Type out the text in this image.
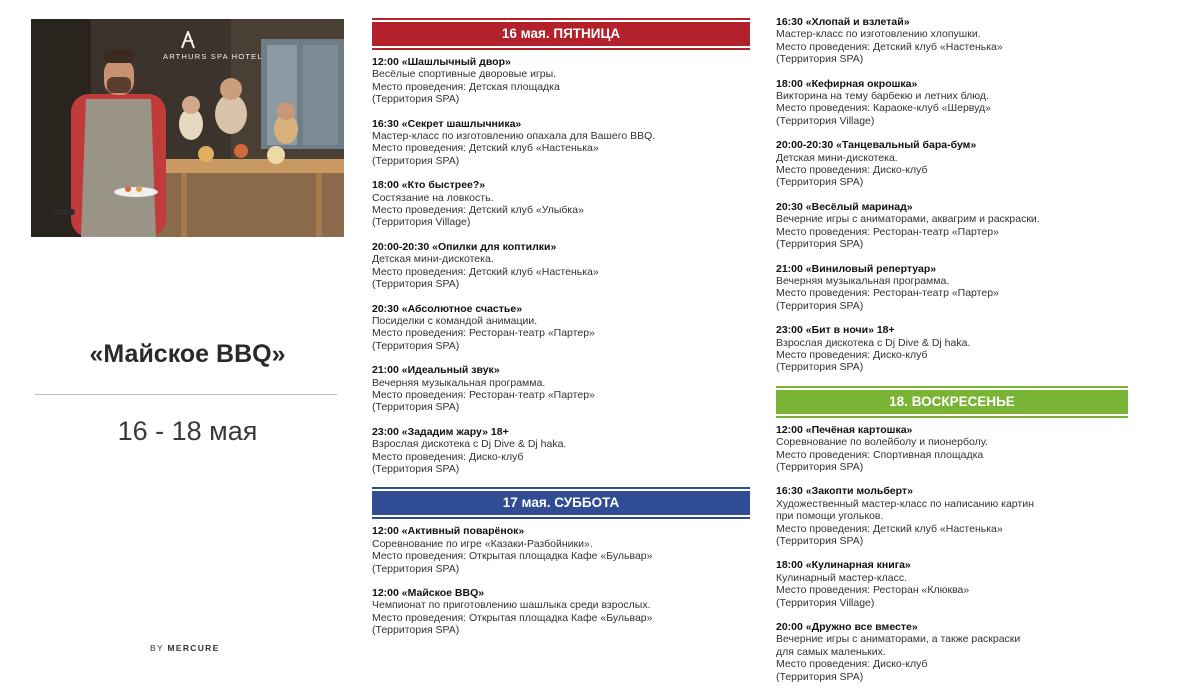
ARTHURS SPA HOTEL
«Майское BBQ»
16 - 18 мая
BY MERCURE
16 мая. ПЯТНИЦА
12:00 «Шашлычный двор»
Весёлые спортивные дворовые игры.
Место проведения: Детская площадка
(Территория SPA)
16:30 «Секрет шашлычника»
Мастер-класс по изготовлению опахала для Вашего BBQ.
Место проведения: Детский клуб «Настенька»
(Территория SPA)
18:00 «Кто быстрее?»
Состязание на ловкость.
Место проведения: Детский клуб «Улыбка»
(Территория Village)
20:00-20:30 «Опилки для коптилки»
Детская мини-дискотека.
Место проведения: Детский клуб «Настенька»
(Территория SPA)
20:30 «Абсолютное счастье»
Посиделки с командой анимации.
Место проведения: Ресторан-театр «Партер»
(Территория SPA)
21:00 «Идеальный звук»
Вечерняя музыкальная программа.
Место проведения: Ресторан-театр «Партер»
(Территория SPA)
23:00 «Зададим жару» 18+
Взрослая дискотека с Dj Dive & Dj haka.
Место проведения: Диско-клуб
(Территория SPA)
17 мая. СУББОТА
12:00 «Активный поварёнок»
Соревнование по игре «Казаки-Разбойники».
Место проведения: Открытая площадка Кафе «Бульвар»
(Территория SPA)
12:00 «Майское BBQ»
Чемпионат по приготовлению шашлыка среди взрослых.
Место проведения: Открытая площадка Кафе «Бульвар»
(Территория SPA)
16:30 «Хлопай и взлетай»
Мастер-класс по изготовлению хлопушки.
Место проведения: Детский клуб «Настенька»
(Территория SPA)
18:00 «Кефирная окрошка»
Викторина на тему барбекю и летних блюд.
Место проведения: Караоке-клуб «Шервуд»
(Территория Village)
20:00-20:30 «Танцевальный бара-бум»
Детская мини-дискотека.
Место проведения: Диско-клуб
(Территория SPA)
20:30 «Весёлый маринад»
Вечерние игры с аниматорами, аквагрим и раскраски.
Место проведения: Ресторан-театр «Партер»
(Территория SPA)
21:00 «Виниловый репертуар»
Вечерняя музыкальная программа.
Место проведения: Ресторан-театр «Партер»
(Территория SPA)
23:00 «Бит в ночи» 18+
Взрослая дискотека с Dj Dive & Dj haka.
Место проведения: Диско-клуб
(Территория SPA)
18. ВОСКРЕСЕНЬЕ
12:00 «Печёная картошка»
Соревнование по волейболу и пионерболу.
Место проведения: Спортивная площадка
(Территория SPA)
16:30 «Закопти мольберт»
Художественный мастер-класс по написанию картин
при помощи угольков.
Место проведения: Детский клуб «Настенька»
(Территория SPA)
18:00 «Кулинарная книга»
Кулинарный мастер-класс.
Место проведения: Ресторан «Клюква»
(Территория Village)
20:00 «Дружно все вместе»
Вечерние игры с аниматорами, а также раскраски
для самых маленьких.
Место проведения: Диско-клуб
(Территория SPA)
